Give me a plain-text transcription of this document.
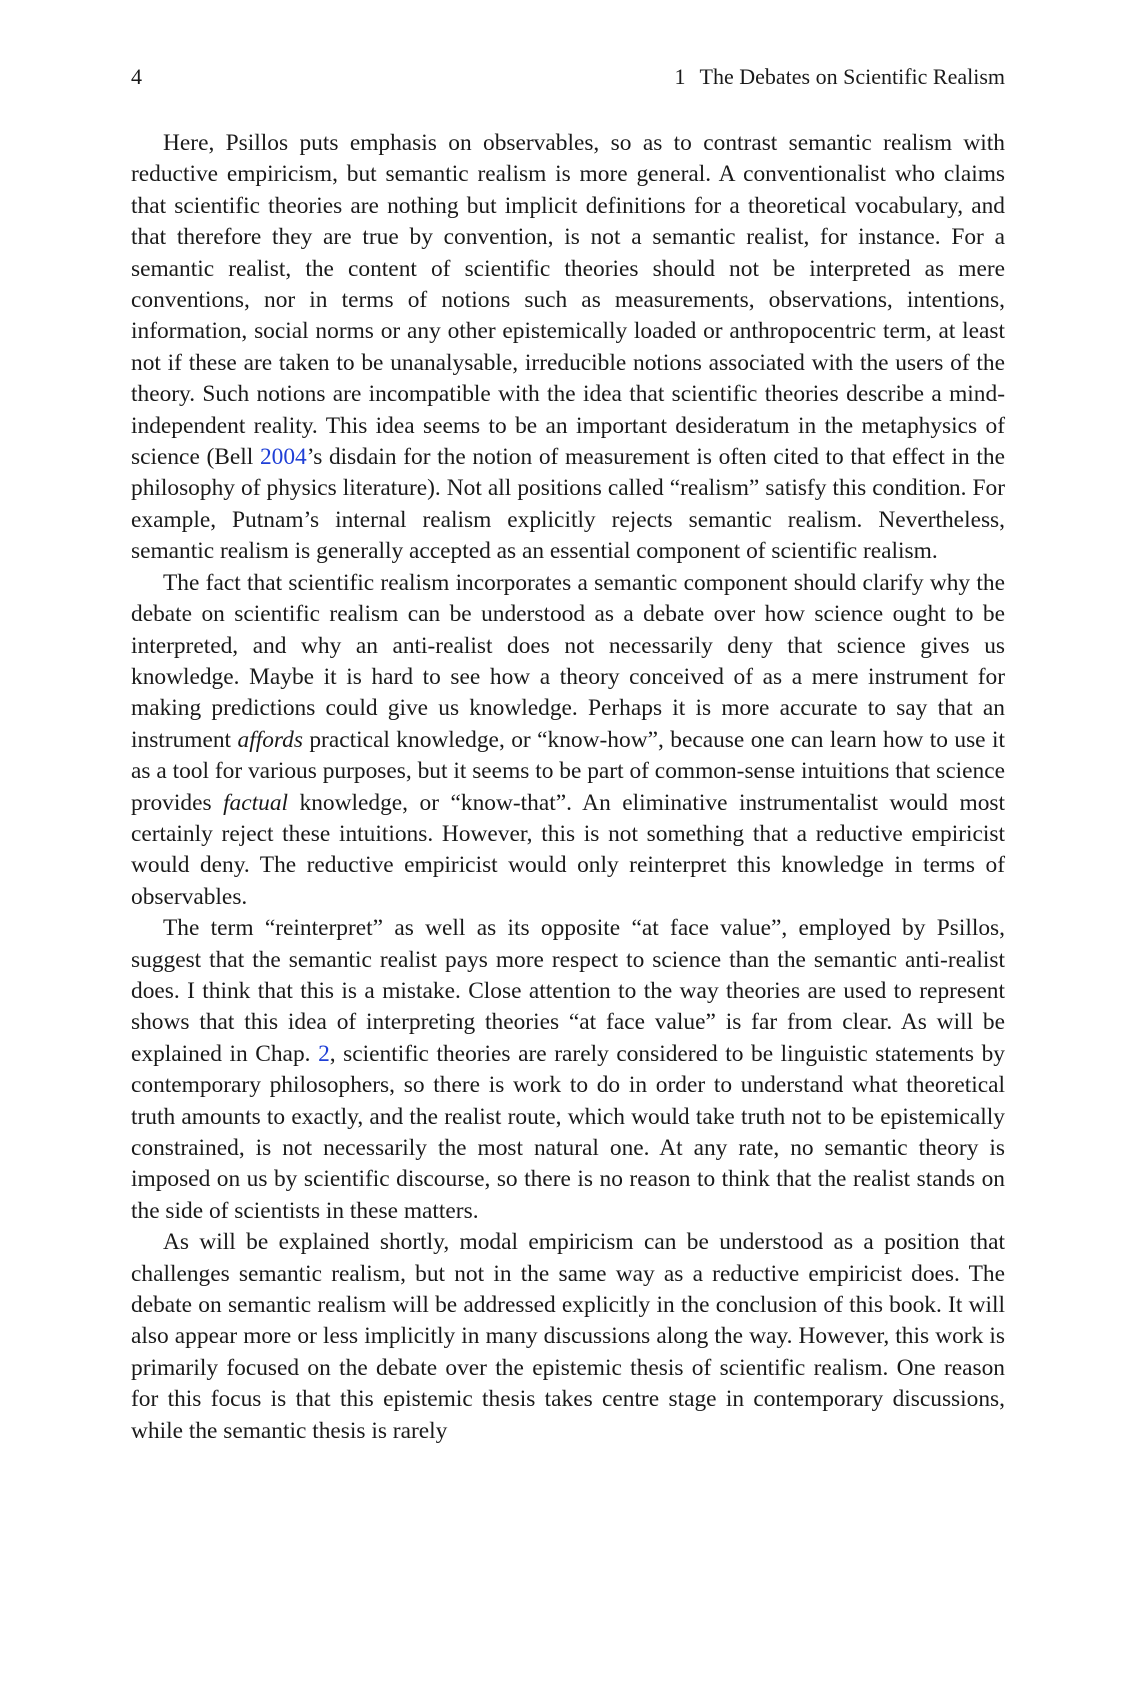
4	1 The Debates on Scientific Realism

Here, Psillos puts emphasis on observables, so as to contrast semantic realism with reductive empiricism, but semantic realism is more general. A conventionalist who claims that scientific theories are nothing but implicit definitions for a theoretical vocabulary, and that therefore they are true by convention, is not a semantic realist, for instance. For a semantic realist, the content of scientific theories should not be interpreted as mere conventions, nor in terms of notions such as measurements, observations, intentions, information, social norms or any other epistemically loaded or anthropocentric term, at least not if these are taken to be unanalysable, irreducible notions associated with the users of the theory. Such notions are incompatible with the idea that scientific theories describe a mind-independent reality. This idea seems to be an important desideratum in the metaphysics of science (Bell 2004’s disdain for the notion of measurement is often cited to that effect in the philosophy of physics literature). Not all positions called “realism” satisfy this condition. For example, Putnam’s internal realism explicitly rejects semantic realism. Nevertheless, semantic realism is generally accepted as an essential component of scientific realism.

The fact that scientific realism incorporates a semantic component should clarify why the debate on scientific realism can be understood as a debate over how science ought to be interpreted, and why an anti-realist does not necessarily deny that science gives us knowledge. Maybe it is hard to see how a theory conceived of as a mere instrument for making predictions could give us knowledge. Perhaps it is more accurate to say that an instrument affords practical knowledge, or “know-how”, because one can learn how to use it as a tool for various purposes, but it seems to be part of common-sense intuitions that science provides factual knowledge, or “know-that”. An eliminative instrumentalist would most certainly reject these intuitions. However, this is not something that a reductive empiricist would deny. The reductive empiricist would only reinterpret this knowledge in terms of observables.

The term “reinterpret” as well as its opposite “at face value”, employed by Psillos, suggest that the semantic realist pays more respect to science than the semantic anti-realist does. I think that this is a mistake. Close attention to the way theories are used to represent shows that this idea of interpreting theories “at face value” is far from clear. As will be explained in Chap. 2, scientific theories are rarely considered to be linguistic statements by contemporary philosophers, so there is work to do in order to understand what theoretical truth amounts to exactly, and the realist route, which would take truth not to be epistemically constrained, is not necessarily the most natural one. At any rate, no semantic theory is imposed on us by scientific discourse, so there is no reason to think that the realist stands on the side of scientists in these matters.

As will be explained shortly, modal empiricism can be understood as a position that challenges semantic realism, but not in the same way as a reductive empiricist does. The debate on semantic realism will be addressed explicitly in the conclusion of this book. It will also appear more or less implicitly in many discussions along the way. However, this work is primarily focused on the debate over the epistemic thesis of scientific realism. One reason for this focus is that this epistemic thesis takes centre stage in contemporary discussions, while the semantic thesis is rarely
